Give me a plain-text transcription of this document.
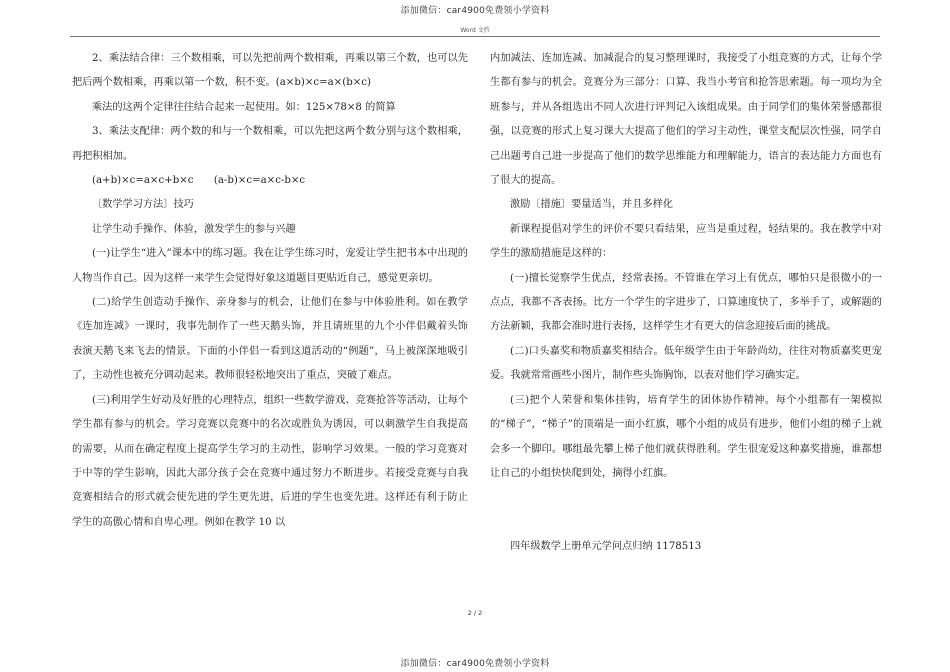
添加微信：car4900免费领小学资料
Word 文档

2、乘法结合律：三个数相乘，可以先把前两个数相乘，再乘以第三个数，也可以先把后两个数相乘，再乘以第一个数，积不变。(a×b)×c=a×(b×c)

乘法的这两个定律往往结合起来一起使用。如：125×78×8 的简算

3、乘法支配律：两个数的和与一个数相乘，可以先把这两个数分别与这个数相乘，再把积相加。

(a+b)×c=a×c+b×c　　(a-b)×c=a×c-b×c

〔数学学习方法〕技巧

让学生动手操作、体验，激发学生的参与兴趣

(一)让学生“进入”课本中的练习题。我在让学生练习时，宠爱让学生把书本中出现的人物当作自己。因为这样一来学生会觉得好象这道题目更贴近自己，感觉更亲切。

(二)给学生创造动手操作、亲身参与的机会，让他们在参与中体验胜利。如在教学《连加连减》一课时，我事先制作了一些天鹅头饰，并且请班里的九个小伴侣戴着头饰表演天鹅飞来飞去的情景。下面的小伴侣一看到这道活动的“例题”，马上被深深地吸引了，主动性也被充分调动起来。教师很轻松地突出了重点，突破了难点。

(三)利用学生好动及好胜的心理特点，组织一些数学游戏、竞赛抢答等活动，让每个学生都有参与的机会。学习竞赛以竞赛中的名次或胜负为诱因，可以刺激学生自我提高的需要，从而在确定程度上提高学生学习的主动性，影响学习效果。一般的学习竞赛对于中等的学生影响，因此大部分孩子会在竞赛中通过努力不断进步。若接受竞赛与自我竞赛相结合的形式就会使先进的学生更先进，后进的学生也变先进。这样还有利于防止学生的高傲心情和自卑心理。例如在教学 10 以

内加减法、连加连减、加减混合的复习整理课时，我接受了小组竞赛的方式，让每个学生都有参与的机会。竞赛分为三部分：口算、我当小考官和抢答思索题。每一项均为全班参与，并从各组选出不同人次进行评判记入该组成果。由于同学们的集体荣誉感都很强，以竞赛的形式上复习课大大提高了他们的学习主动性，课堂支配层次性强，同学自己出题考自己进一步提高了他们的数学思维能力和理解能力，语言的表达能力方面也有了很大的提高。

激励〔措施〕要量适当，并且多样化

新课程提倡对学生的评价不要只看结果，应当是重过程，轻结果的。我在教学中对学生的激励措施是这样的：

(一)擅长觉察学生优点，经常表扬。不管谁在学习上有优点，哪怕只是很微小的一点点，我都不吝表扬。比方一个学生的字进步了，口算速度快了，多举手了，或解题的方法新颖，我都会准时进行表扬，这样学生才有更大的信念迎接后面的挑战。

(二)口头嘉奖和物质嘉奖相结合。低年级学生由于年龄尚幼，往往对物质嘉奖更宠爱。我就常常画些小图片，制作些头饰胸饰，以表对他们学习确实定。

(三)把个人荣誉和集体挂钩，培育学生的团体协作精神。每个小组都有一架模拟的“梯子”，“梯子”的顶端是一面小红旗，哪个小组的成员有进步，他们小组的梯子上就会多一个脚印。哪组最先攀上梯子他们就获得胜利。学生很宠爱这种嘉奖措施，谁都想让自己的小组快快爬到处，摘得小红旗。

四年级数学上册单元学问点归纳 1178513

2 / 2
添加微信：car4900免费领小学资料
